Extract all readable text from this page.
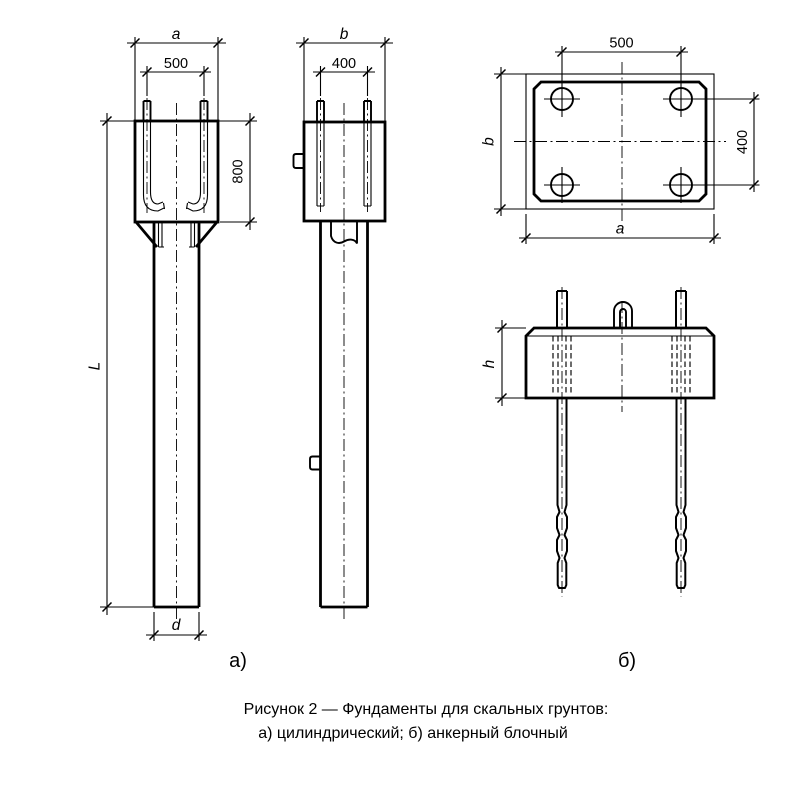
a
500
800
L
d
b
400
500
400
b
a
h
а)	б)
Рисунок 2 — Фундаменты для скальных грунтов:
а) цилиндрический; б) анкерный блочный
